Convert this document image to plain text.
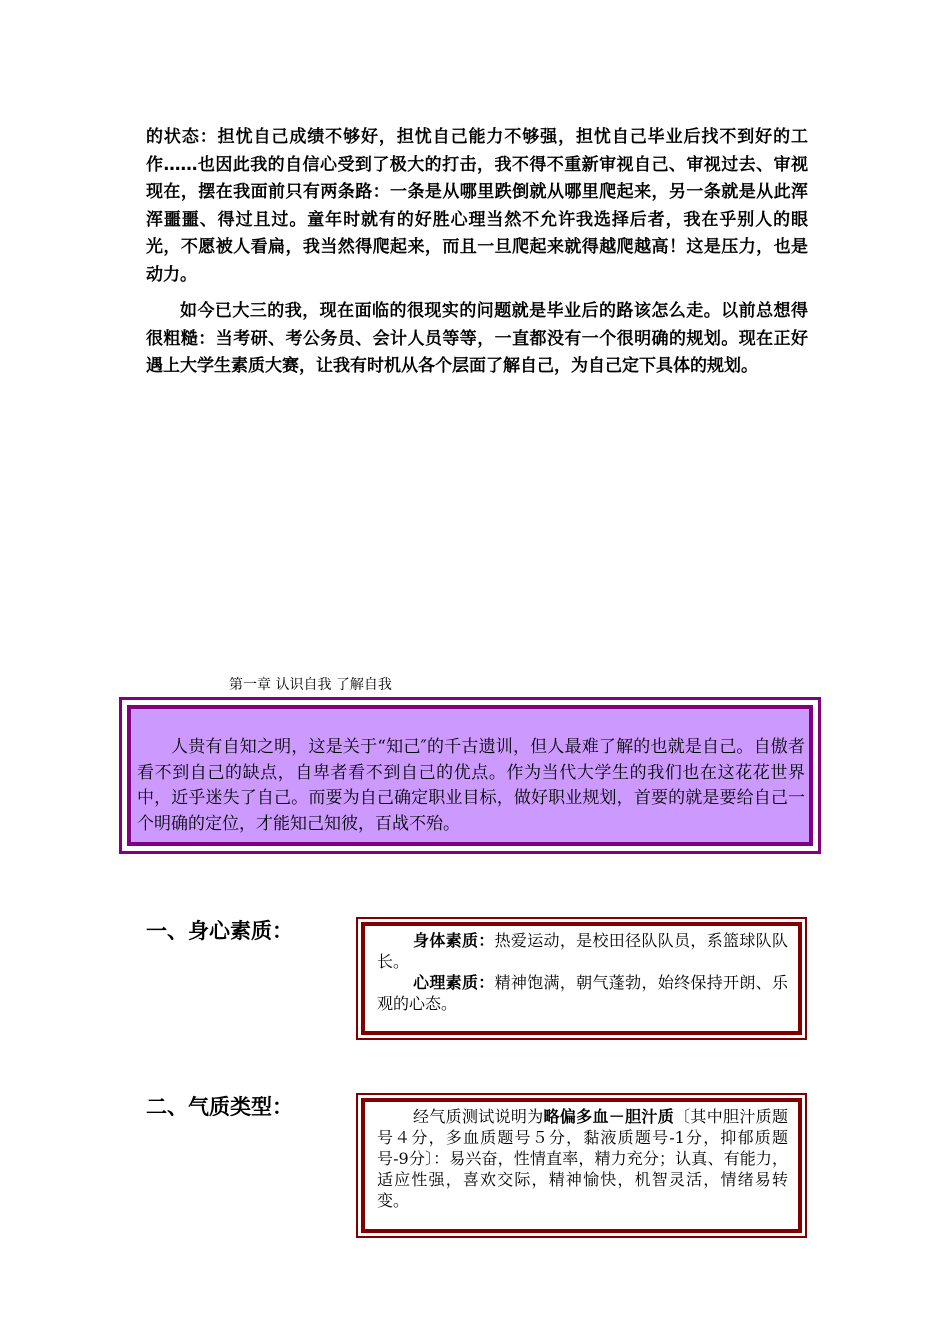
的状态：担忧自己成绩不够好，担忧自己能力不够强，担忧自己毕业后找不到好的工作……也因此我的自信心受到了极大的打击，我不得不重新审视自己、审视过去、审视现在，摆在我面前只有两条路：一条是从哪里跌倒就从哪里爬起来，另一条就是从此浑浑噩噩、得过且过。童年时就有的好胜心理当然不允许我选择后者，我在乎别人的眼光，不愿被人看扁，我当然得爬起来，而且一旦爬起来就得越爬越高！这是压力，也是动力。

如今已大三的我，现在面临的很现实的问题就是毕业后的路该怎么走。以前总想得很粗糙：当考研、考公务员、会计人员等等，一直都没有一个很明确的规划。现在正好遇上大学生素质大赛，让我有时机从各个层面了解自己，为自己定下具体的规划。

第一章 认识自我 了解自我

人贵有自知之明，这是关于“知己″的千古遗训，但人最难了解的也就是自己。自傲者看不到自己的缺点，自卑者看不到自己的优点。作为当代大学生的我们也在这花花世界中，近乎迷失了自己。而要为自己确定职业目标，做好职业规划，首要的就是要给自己一个明确的定位，才能知己知彼，百战不殆。

一、身心素质：	身体素质：热爱运动，是校田径队队员，系篮球队队长。

心理素质：精神饱满，朝气蓬勃，始终保持开朗、乐观的心态。

二、气质类型：	经气质测试说明为略偏多血－胆汁质〔其中胆汁质题号４分，多血质题号５分，黏液质题号-1分，抑郁质题号-9分〕：易兴奋，性情直率，精力充分；认真、有能力，适应性强，喜欢交际，精神愉快，机智灵活，情绪易转变。
